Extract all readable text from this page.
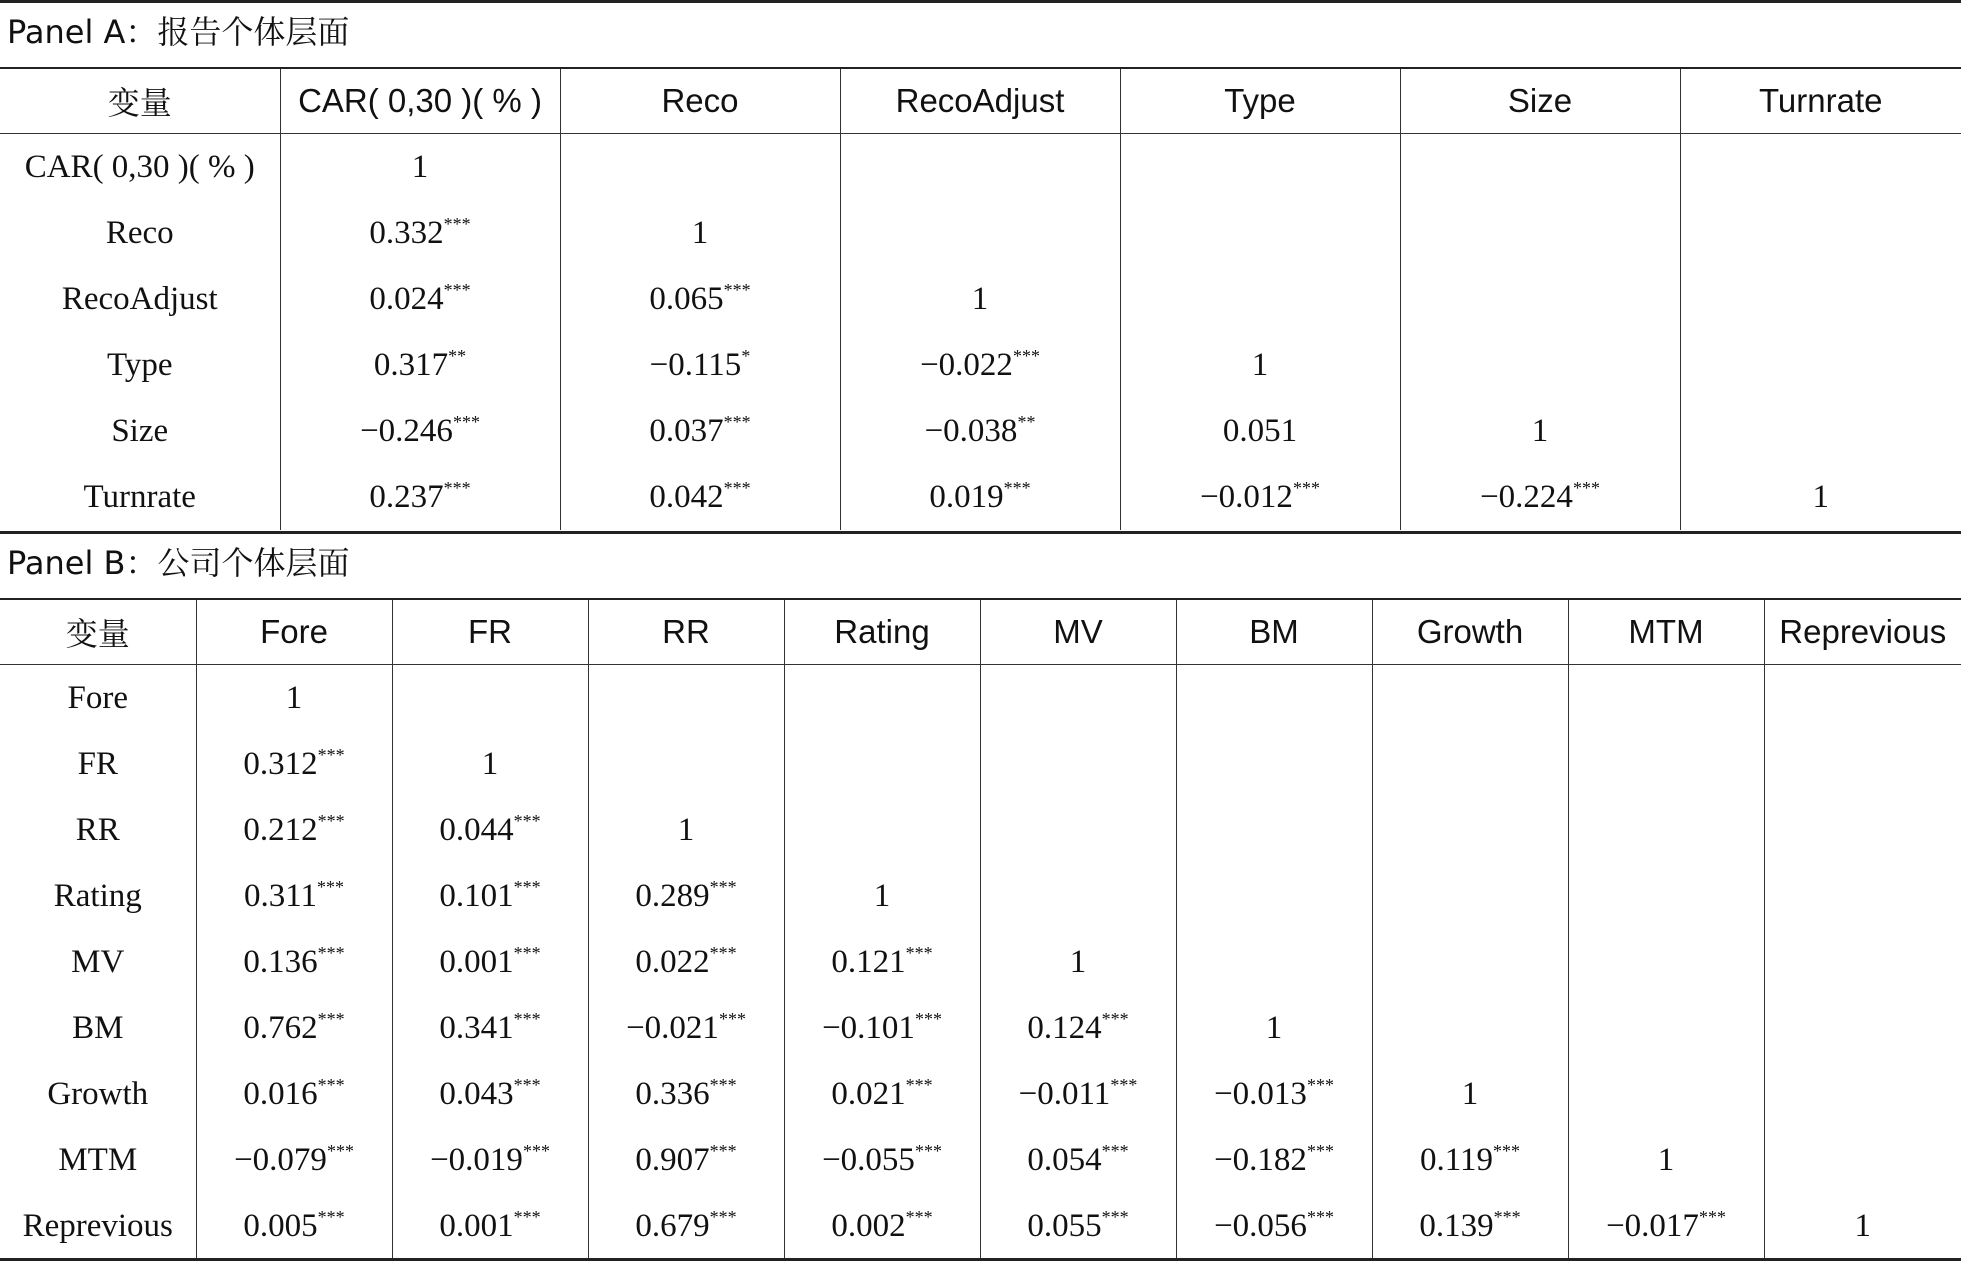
Panel A：报告个体层面
变量	CAR( 0,30 )( % )	Reco	RecoAdjust	Type	Size	Turnrate
CAR( 0,30 )( % )	1					
Reco	0.332***	1				
RecoAdjust	0.024***	0.065***	1			
Type	0.317**	−0.115*	−0.022***	1		
Size	−0.246***	0.037***	−0.038**	0.051	1	
Turnrate	0.237***	0.042***	0.019***	−0.012***	−0.224***	1
Panel B：公司个体层面
变量	Fore	FR	RR	Rating	MV	BM	Growth	MTM	Reprevious
Fore	1								
FR	0.312***	1							
RR	0.212***	0.044***	1						
Rating	0.311***	0.101***	0.289***	1					
MV	0.136***	0.001***	0.022***	0.121***	1				
BM	0.762***	0.341***	−0.021***	−0.101***	0.124***	1			
Growth	0.016***	0.043***	0.336***	0.021***	−0.011***	−0.013***	1		
MTM	−0.079***	−0.019***	0.907***	−0.055***	0.054***	−0.182***	0.119***	1	
Reprevious	0.005***	0.001***	0.679***	0.002***	0.055***	−0.056***	0.139***	−0.017***	1
